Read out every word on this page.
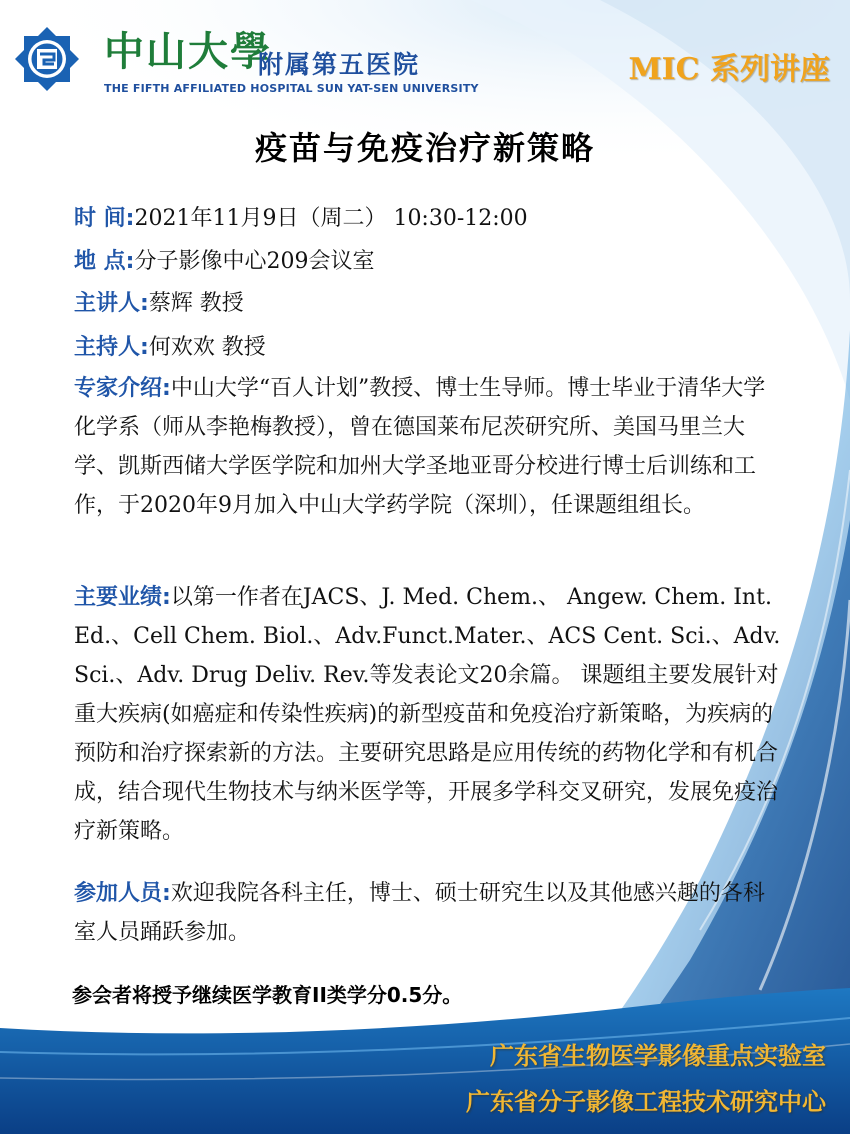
中山大學
附属第五医院
THE FIFTH AFFILIATED HOSPITAL SUN YAT-SEN UNIVERSITY
MIC 系列讲座
疫苗与免疫治疗新策略
时 间:2021年11月9日（周二） 10:30-12:00
地 点:分子影像中心209会议室
主讲人:蔡辉 教授
主持人:何欢欢 教授
专家介绍:中山大学“百人计划”教授、博士生导师。博士毕业于清华大学化学系（师从李艳梅教授），曾在德国莱布尼茨研究所、美国马里兰大学、凯斯西储大学医学院和加州大学圣地亚哥分校进行博士后训练和工作，于2020年9月加入中山大学药学院（深圳），任课题组组长。
主要业绩:以第一作者在JACS、J. Med. Chem.、 Angew. Chem. Int. Ed.、Cell Chem. Biol.、Adv.Funct.Mater.、ACS Cent. Sci.、Adv. Sci.、Adv. Drug Deliv. Rev.等发表论文20余篇。 课题组主要发展针对重大疾病(如癌症和传染性疾病)的新型疫苗和免疫治疗新策略，为疾病的预防和治疗探索新的方法。主要研究思路是应用传统的药物化学和有机合成，结合现代生物技术与纳米医学等，开展多学科交叉研究，发展免疫治疗新策略。
参加人员:欢迎我院各科主任，博士、硕士研究生以及其他感兴趣的各科室人员踊跃参加。
参会者将授予继续医学教育II类学分0.5分。
广东省生物医学影像重点实验室
广东省分子影像工程技术研究中心
